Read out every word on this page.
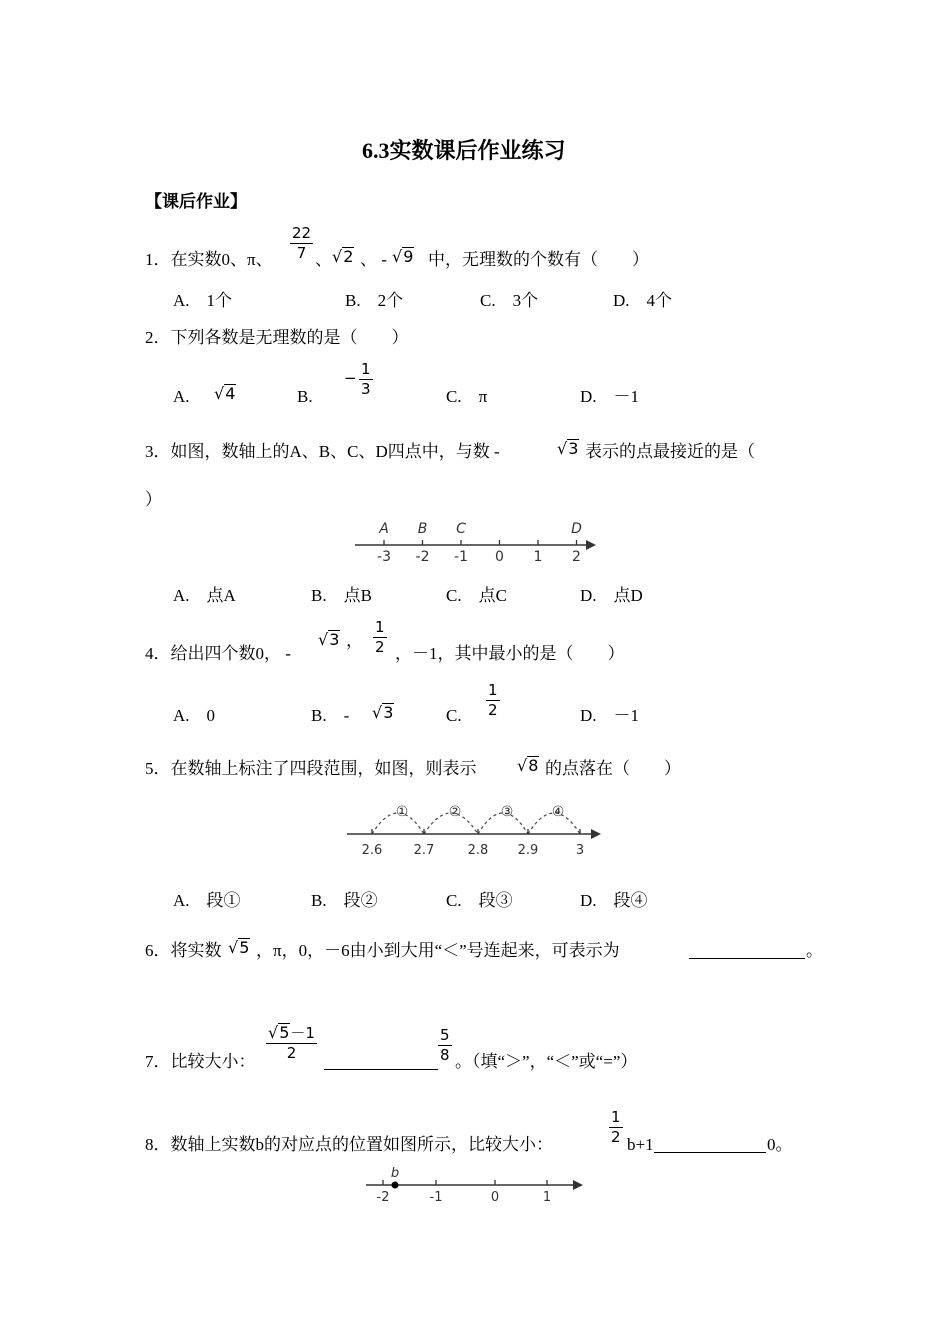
6.3实数课后作业练习
【课后作业】
1．在实数0、π、
22
7 、 √2 、 - √9 中，无理数的个数有（　　）
A.　1个	B.　2个	C.　3个	D.　4个
2．下列各数是无理数的是（　　）
A. √4	B.
− 1
3	C.　π	D.　－1
3．如图，数轴上的A、B、C、D四点中，与数 -	√3 表示的点最接近的是（
）
-3 -2 -1 0 1 2
A B C	D
A.　点A	B.　点B	C.　点C	D.　点D
4．给出四个数0， -
√3 ，
1
2 ，－1，其中最小的是（　　）
A.　0	B.　- √3	C.
1
2	D.　－1
5．在数轴上标注了四段范围，如图，则表示	√8 的点落在（　　）
①	②	③	④
2.6 2.7	2.8 2.9	3
A.　段①	B.　段②	C.　段③	D.　段④
6．将实数 √5 ，π，0，－6由小到大用“＜”号连起来，可表示为	。
7．比较大小：
√5－1
2
5
8 。（填“＞”，“＜”或“=”）
8．数轴上实数b的对应点的位置如图所示，比较大小：
1
2 b+1	0。
-2	-1	0	1
b
